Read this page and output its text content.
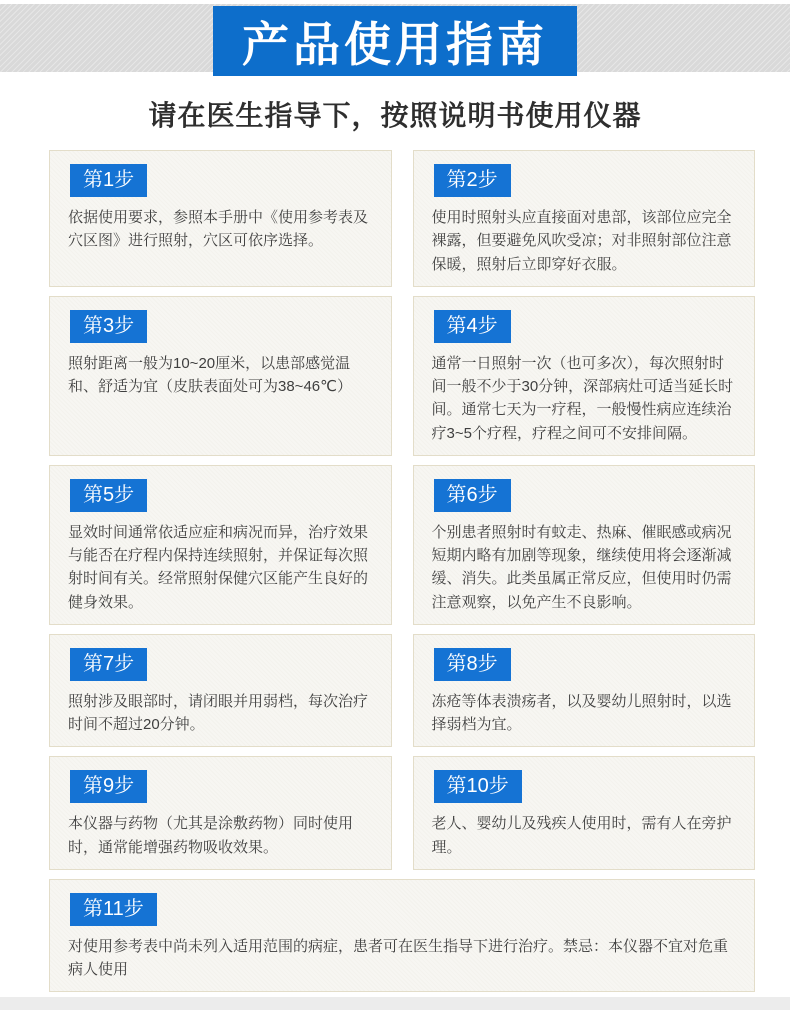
产品使用指南
请在医生指导下，按照说明书使用仪器
第1步

依据使用要求，参照本手册中《使用参考表及穴区图》进行照射，穴区可依序选择。

第2步

使用时照射头应直接面对患部，该部位应完全裸露，但要避免风吹受凉；对非照射部位注意保暖，照射后立即穿好衣服。

第3步

照射距离一般为10~20厘米，以患部感觉温和、舒适为宜（皮肤表面处可为38~46℃）

第4步

通常一日照射一次（也可多次），每次照射时间一般不少于30分钟，深部病灶可适当延长时间。通常七天为一疗程，一般慢性病应连续治疗3~5个疗程，疗程之间可不安排间隔。

第5步

显效时间通常依适应症和病况而异，治疗效果与能否在疗程内保持连续照射，并保证每次照射时间有关。经常照射保健穴区能产生良好的健身效果。

第6步

个别患者照射时有蚊走、热麻、催眠感或病况短期内略有加剧等现象，继续使用将会逐渐减缓、消失。此类虽属正常反应，但使用时仍需注意观察，以免产生不良影响。

第7步

照射涉及眼部时，请闭眼并用弱档，每次治疗时间不超过20分钟。

第8步

冻疮等体表溃疡者，以及婴幼儿照射时，以选择弱档为宜。

第9步

本仪器与药物（尤其是涂敷药物）同时使用时，通常能增强药物吸收效果。

第10步

老人、婴幼儿及残疾人使用时，需有人在旁护理。

第11步

对使用参考表中尚未列入适用范围的病症，患者可在医生指导下进行治疗。禁忌：本仪器不宜对危重病人使用
